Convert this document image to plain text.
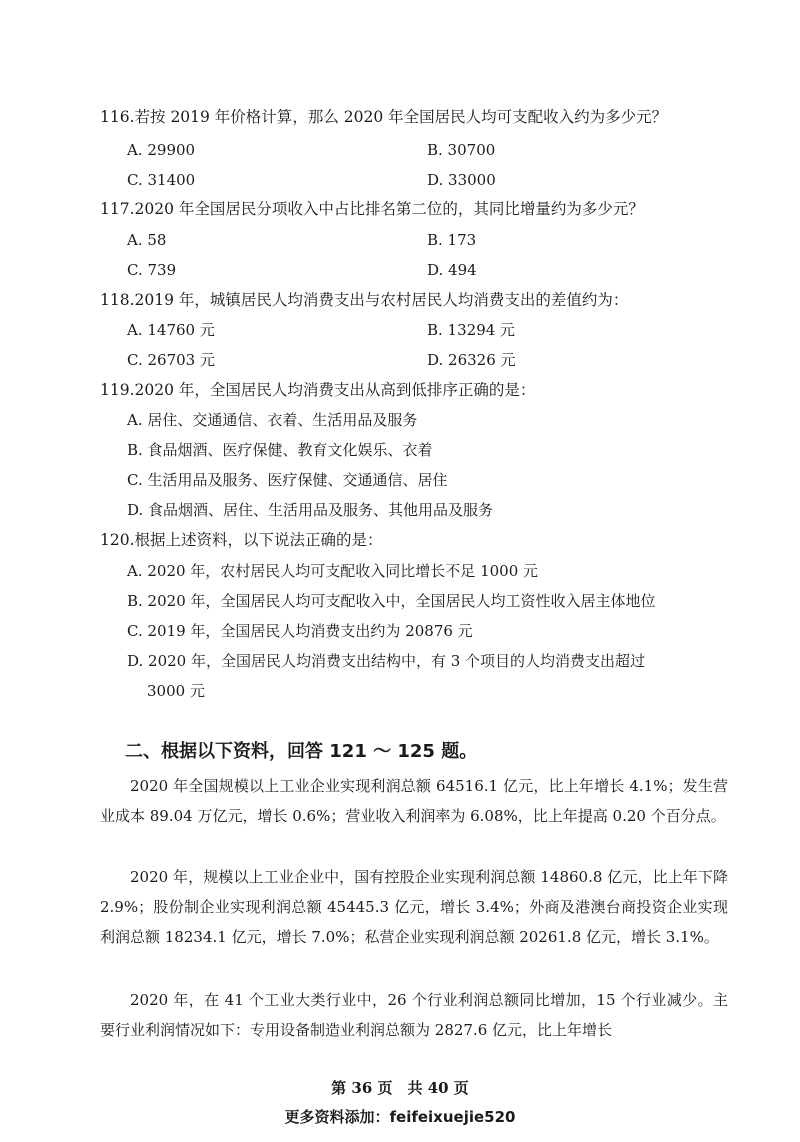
116.若按 2019 年价格计算，那么 2020 年全国居民人均可支配收入约为多少元？
A. 29900	B. 30700
C. 31400	D. 33000
117.2020 年全国居民分项收入中占比排名第二位的，其同比增量约为多少元？
A. 58	B. 173
C. 739	D. 494
118.2019 年，城镇居民人均消费支出与农村居民人均消费支出的差值约为：
A. 14760 元	B. 13294 元
C. 26703 元	D. 26326 元
119.2020 年，全国居民人均消费支出从高到低排序正确的是：
A. 居住、交通通信、衣着、生活用品及服务
B. 食品烟酒、医疗保健、教育文化娱乐、衣着
C. 生活用品及服务、医疗保健、交通通信、居住
D. 食品烟酒、居住、生活用品及服务、其他用品及服务
120.根据上述资料，以下说法正确的是：
A. 2020 年，农村居民人均可支配收入同比增长不足 1000 元
B. 2020 年，全国居民人均可支配收入中，全国居民人均工资性收入居主体地位
C. 2019 年，全国居民人均消费支出约为 20876 元
D. 2020 年，全国居民人均消费支出结构中，有 3 个项目的人均消费支出超过
3000 元
二、根据以下资料，回答 121 ～ 125 题。

2020 年全国规模以上工业企业实现利润总额 64516.1 亿元，比上年增长 4.1%；发生营业成本 89.04 万亿元，增长 0.6%；营业收入利润率为 6.08%，比上年提高 0.20 个百分点。

2020 年，规模以上工业企业中，国有控股企业实现利润总额 14860.8 亿元，比上年下降 2.9%；股份制企业实现利润总额 45445.3 亿元，增长 3.4%；外商及港澳台商投资企业实现利润总额 18234.1 亿元，增长 7.0%；私营企业实现利润总额 20261.8 亿元，增长 3.1%。

2020 年，在 41 个工业大类行业中，26 个行业利润总额同比增加，15 个行业减少。主要行业利润情况如下：专用设备制造业利润总额为 2827.6 亿元，比上年增长

第 36 页　共 40 页
更多资料添加：feifeixuejie520
